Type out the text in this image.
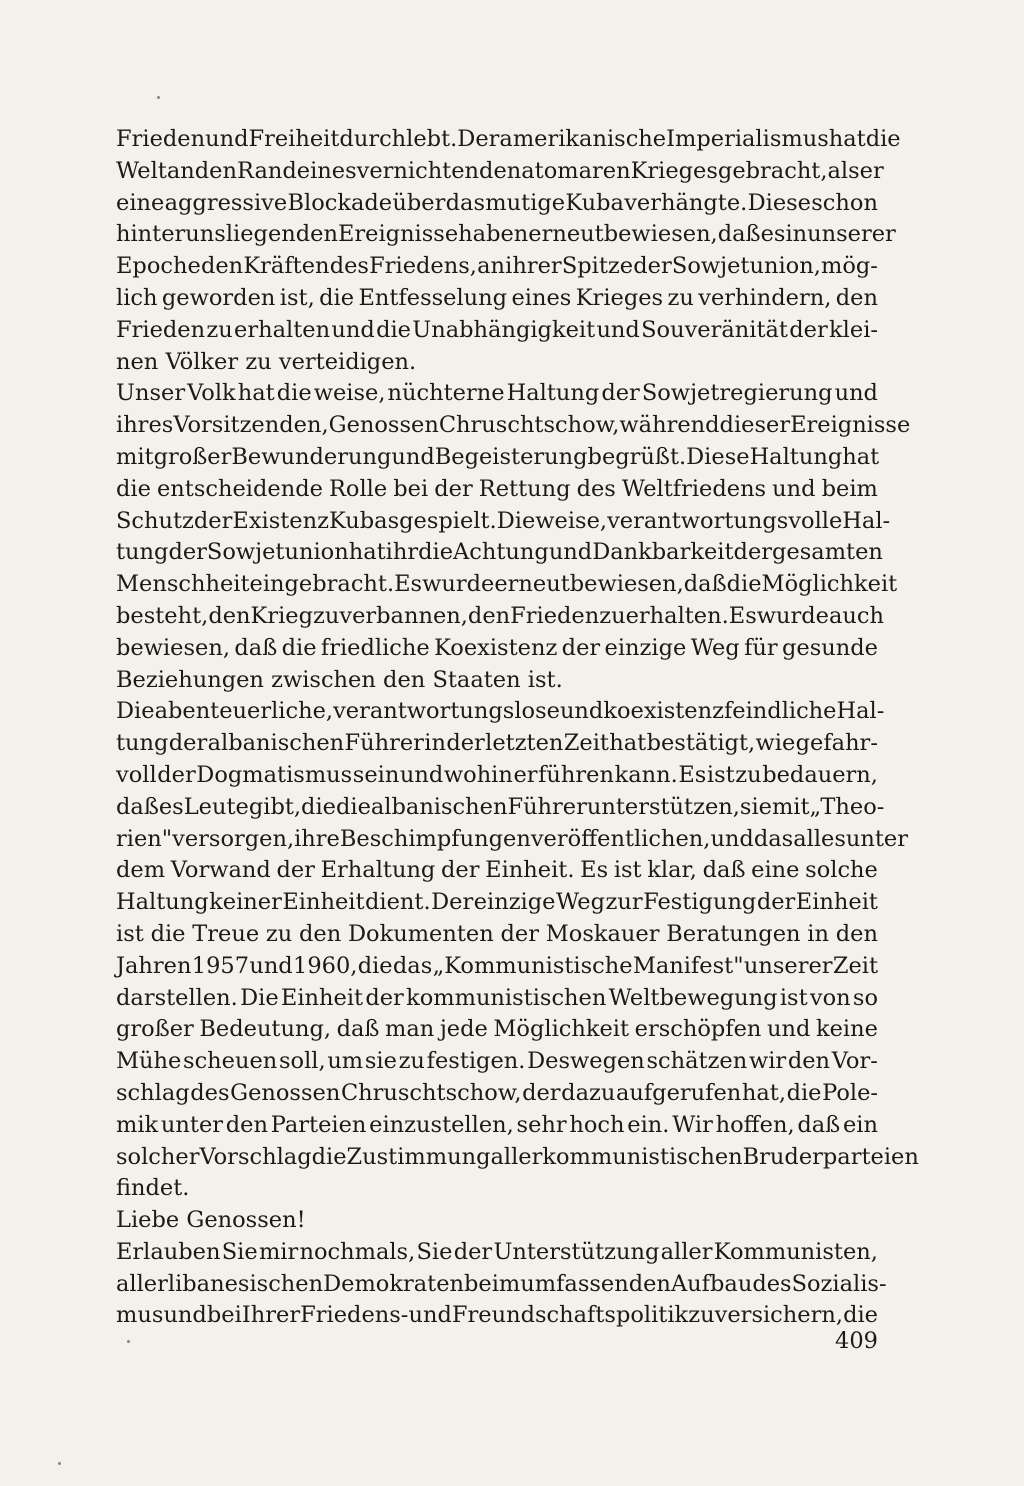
Frieden und Freiheit durchlebt. Der amerikanische Imperialismus hat die
Welt an den Rand eines vernichtenden atomaren Krieges gebracht, als er
eine aggressive Blockade über das mutige Kuba verhängte. Diese schon
hinter uns liegenden Ereignisse haben erneut bewiesen, daß es in unserer
Epoche den Kräften des Friedens, an ihrer Spitze der Sowjetunion, mög-
lich geworden ist, die Entfesselung eines Krieges zu verhindern, den
Frieden zu erhalten und die Unabhängigkeit und Souveränität der klei-
nen Völker zu verteidigen.
Unser Volk hat die weise, nüchterne Haltung der Sowjetregierung und
ihres Vorsitzenden, Genossen Chruschtschow, während dieser Ereignisse
mit großer Bewunderung und Begeisterung begrüßt. Diese Haltung hat
die entscheidende Rolle bei der Rettung des Weltfriedens und beim
Schutz der Existenz Kubas gespielt. Die weise, verantwortungsvolle Hal-
tung der Sowjetunion hat ihr die Achtung und Dankbarkeit der gesamten
Menschheit eingebracht. Es wurde erneut bewiesen, daß die Möglichkeit
besteht, den Krieg zu verbannen, den Frieden zu erhalten. Es wurde auch
bewiesen, daß die friedliche Koexistenz der einzige Weg für gesunde
Beziehungen zwischen den Staaten ist.
Die abenteuerliche, verantwortungslose und koexistenzfeindliche Hal-
tung der albanischen Führer in der letzten Zeit hat bestätigt, wie gefahr-
voll der Dogmatismus sein und wohin er führen kann. Es ist zu bedauern,
daß es Leute gibt, die die albanischen Führer unterstützen, sie mit „Theo-
rien" versorgen, ihre Beschimpfungen veröffentlichen, und das alles unter
dem Vorwand der Erhaltung der Einheit. Es ist klar, daß eine solche
Haltung keiner Einheit dient. Der einzige Weg zur Festigung der Einheit
ist die Treue zu den Dokumenten der Moskauer Beratungen in den
Jahren 1957 und 1960, die das „Kommunistische Manifest" unserer Zeit
darstellen. Die Einheit der kommunistischen Weltbewegung ist von so
großer Bedeutung, daß man jede Möglichkeit erschöpfen und keine
Mühe scheuen soll, um sie zu festigen. Deswegen schätzen wir den Vor-
schlag des Genossen Chruschtschow, der dazu aufgerufen hat, die Pole-
mik unter den Parteien einzustellen, sehr hoch ein. Wir hoffen, daß ein
solcher Vorschlag die Zustimmung aller kommunistischen Bruderparteien
findet.
Liebe Genossen!
Erlauben Sie mir nochmals, Sie der Unterstützung aller Kommunisten,
aller libanesischen Demokraten beim umfassenden Aufbau des Sozialis-
mus und bei Ihrer Friedens- und Freundschaftspolitik zu versichern, die
409
